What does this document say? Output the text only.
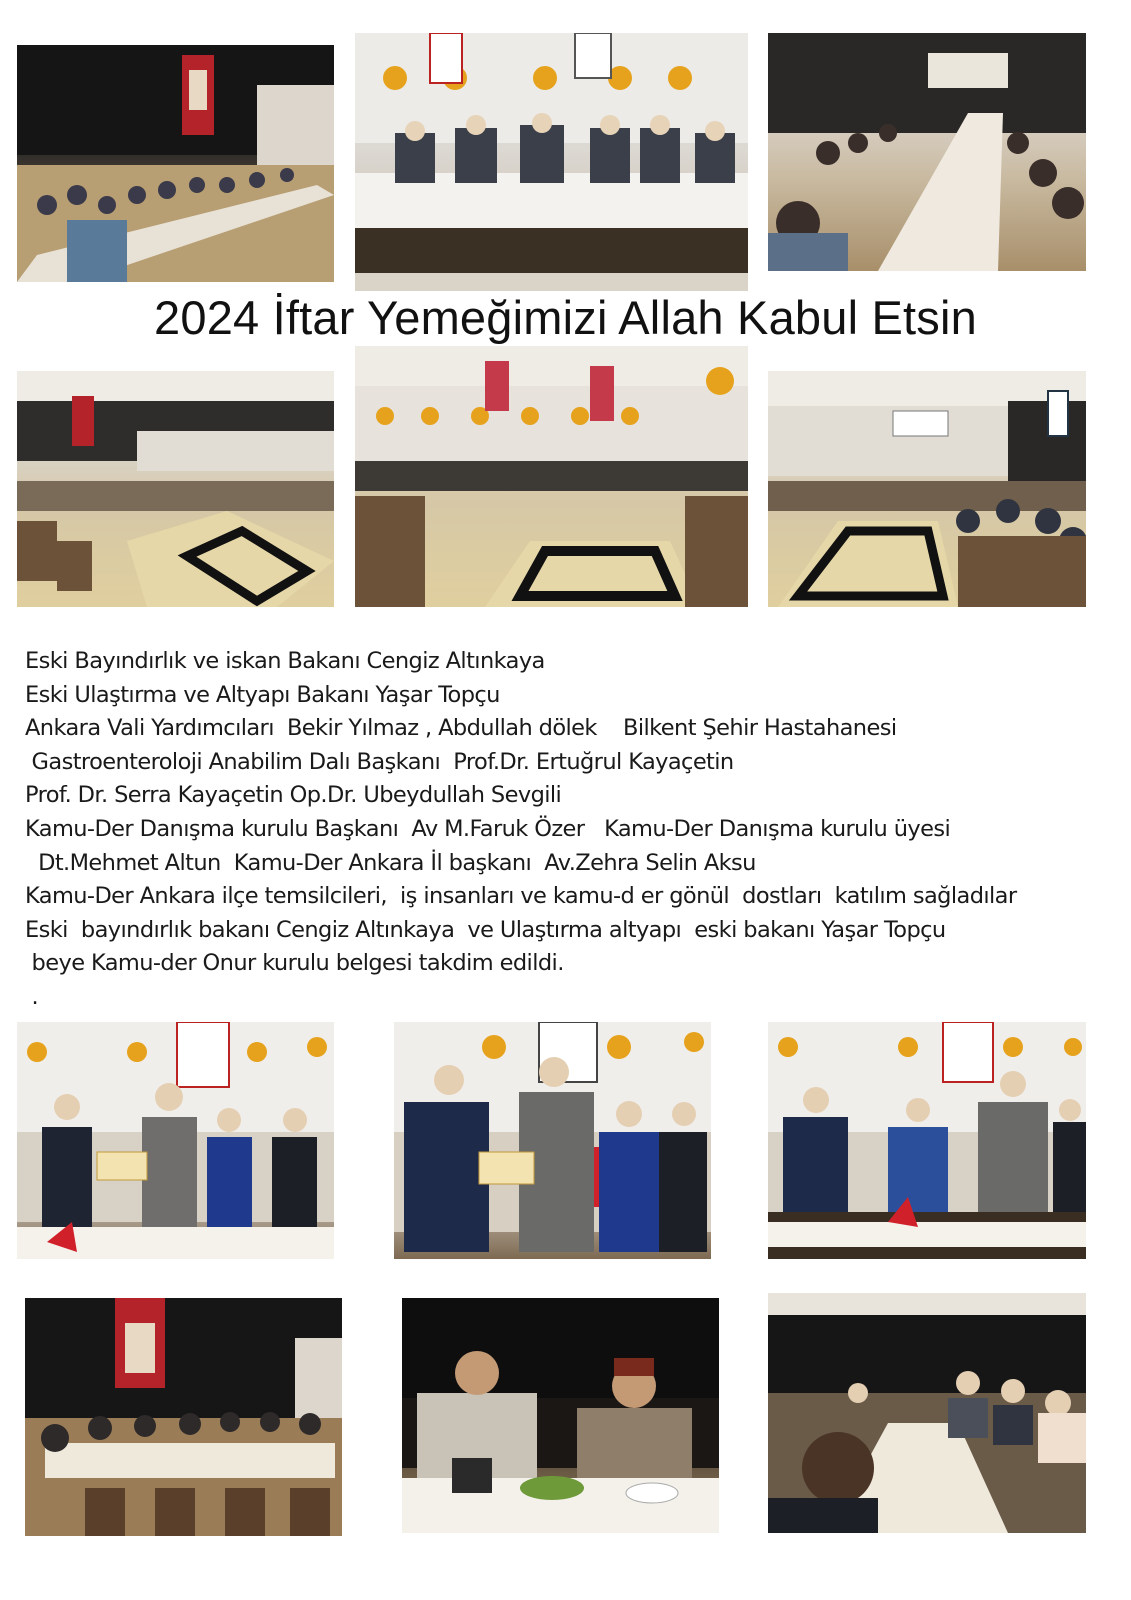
2024 İftar Yemeğimizi Allah Kabul Etsin
Eski Bayındırlık ve iskan Bakanı Cengiz Altınkaya
Eski Ulaştırma ve Altyapı Bakanı Yaşar Topçu
Ankara Vali Yardımcıları  Bekir Yılmaz , Abdullah dölek    Bilkent Şehir Hastahanesi
Gastroenteroloji Anabilim Dalı Başkanı  Prof.Dr. Ertuğrul Kayaçetin
Prof. Dr. Serra Kayaçetin Op.Dr. Ubeydullah Sevgili
Kamu-Der Danışma kurulu Başkanı  Av M.Faruk Özer   Kamu-Der Danışma kurulu üyesi
Dt.Mehmet Altun  Kamu-Der Ankara İl başkanı  Av.Zehra Selin Aksu
Kamu-Der Ankara ilçe temsilcileri,  iş insanları ve kamu-d er gönül  dostları  katılım sağladılar
Eski  bayındırlık bakanı Cengiz Altınkaya  ve Ulaştırma altyapı  eski bakanı Yaşar Topçu
beye Kamu-der Onur kurulu belgesi takdim edildi.
.
